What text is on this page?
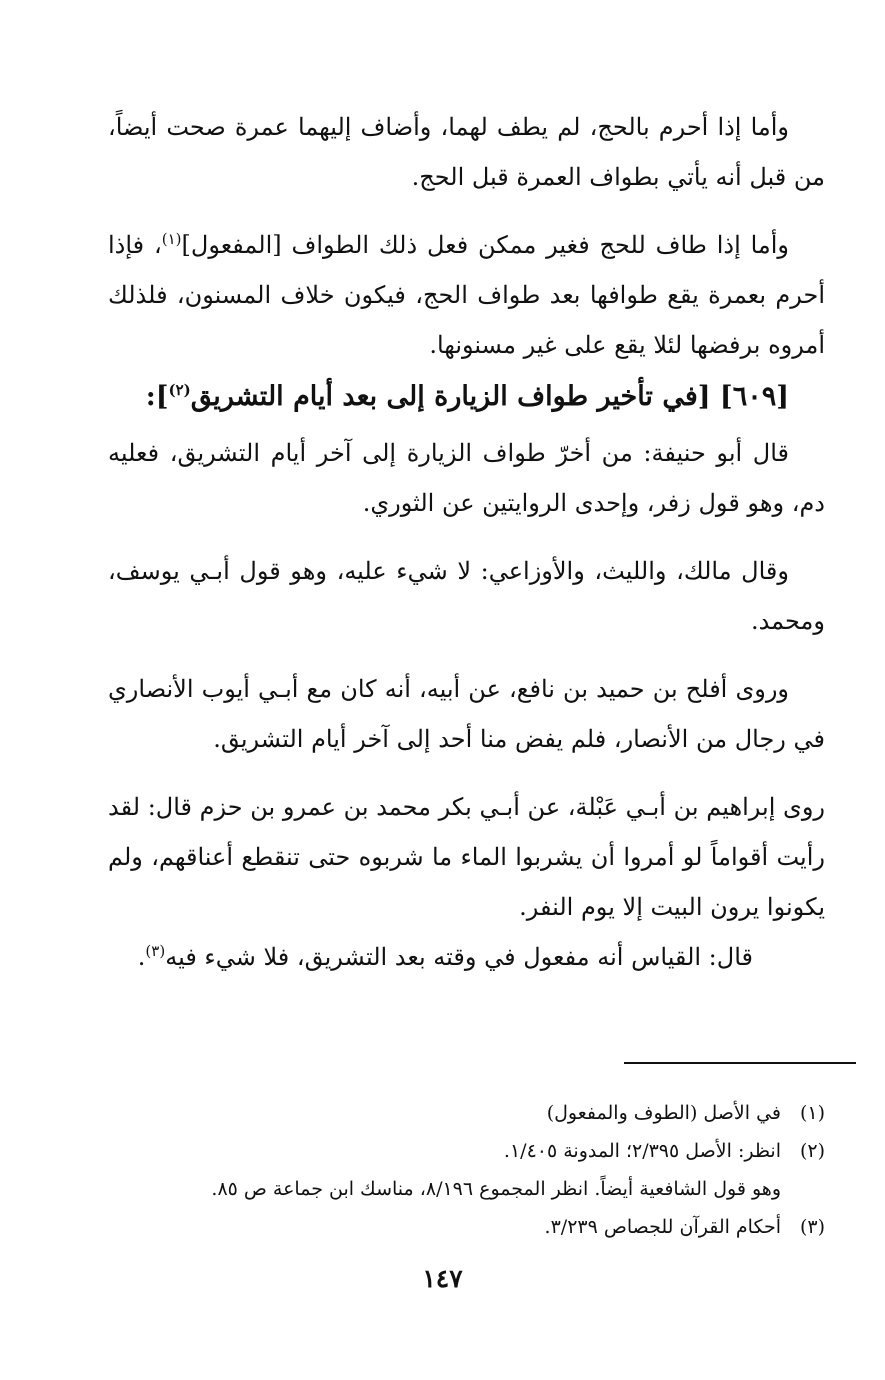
وأما إذا أحرم بالحج، لم يطف لهما، وأضاف إليهما عمرة صحت أيضاً، من قبل أنه يأتي بطواف العمرة قبل الحج.

وأما إذا طاف للحج فغير ممكن فعل ذلك الطواف [المفعول]$^{(١)}$، فإذا أحرم بعمرة يقع طوافها بعد طواف الحج، فيكون خلاف المسنون، فلذلك أمروه برفضها لئلا يقع على غير مسنونها.

[٦٠٩] [في تأخير طواف الزيارة إلى بعد أيام التشريق$^{(٢)}$]:

قال أبو حنيفة: من أخرّ طواف الزيارة إلى آخر أيام التشريق، فعليه دم، وهو قول زفر، وإحدى الروايتين عن الثوري.

وقال مالك، والليث، والأوزاعي: لا شيء عليه، وهو قول أبـي يوسف، ومحمد.

وروى أفلح بن حميد بن نافع، عن أبيه، أنه كان مع أبـي أيوب الأنصاري في رجال من الأنصار، فلم يفض منا أحد إلى آخر أيام التشريق.

روى إبراهيم بن أبـي عَبْلة، عن أبـي بكر محمد بن عمرو بن حزم قال: لقد رأيت أقواماً لو أمروا أن يشربوا الماء ما شربوه حتى تنقطع أعناقهم، ولم يكونوا يرون البيت إلا يوم النفر.

قال: القياس أنه مفعول في وقته بعد التشريق، فلا شيء فيه$^{(٣)}$.

(١)في الأصل (الطوف والمفعول)
(٢)انظر: الأصل ٢/٣٩٥؛ المدونة ١/٤٠٥.
وهو قول الشافعية أيضاً. انظر المجموع ٨/١٩٦، مناسك ابن جماعة ص ٨٥.
(٣)أحكام القرآن للجصاص ٣/٢٣٩.
١٤٧
